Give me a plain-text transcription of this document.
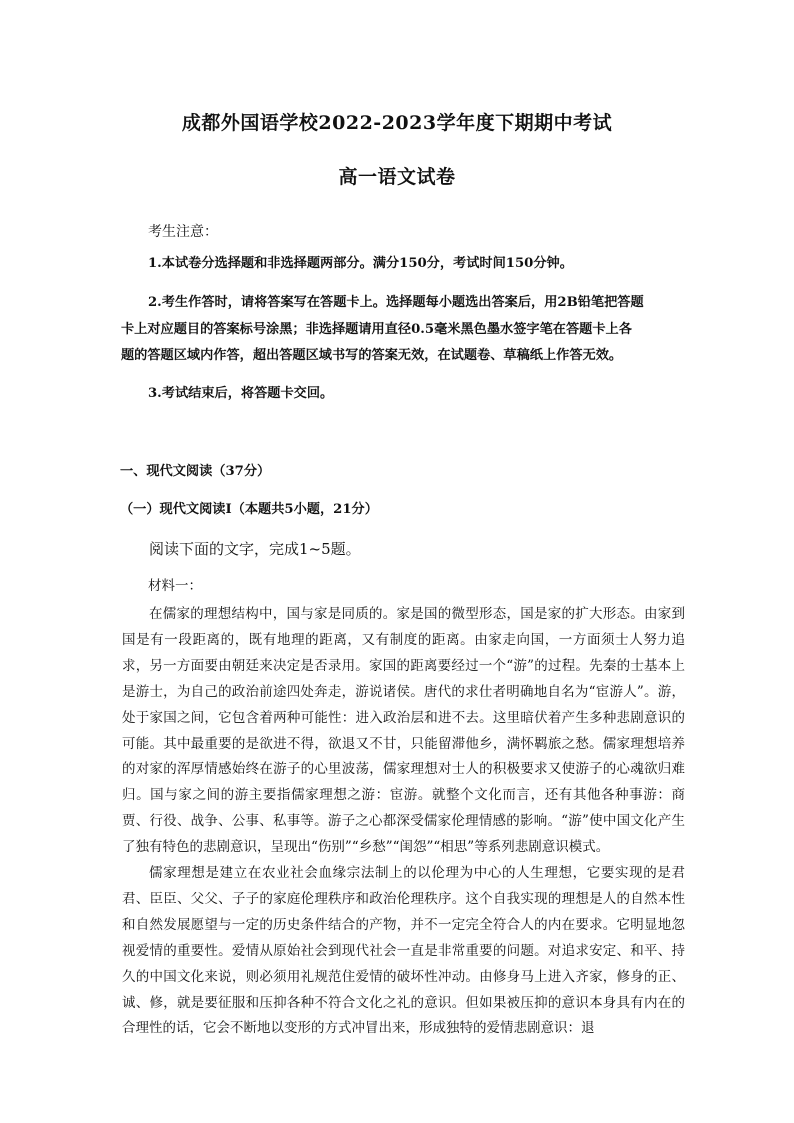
成都外国语学校2022-2023学年度下期期中考试
高一语文试卷
考生注意：
1.本试卷分选择题和非选择题两部分。满分150分，考试时间150分钟。
2.考生作答时，请将答案写在答题卡上。选择题每小题选出答案后，用2B铅笔把答题
卡上对应题目的答案标号涂黑；非选择题请用直径0.5毫米黑色墨水签字笔在答题卡上各
题的答题区域内作答，超出答题区域书写的答案无效，在试题卷、草稿纸上作答无效。
3.考试结束后，将答题卡交回。
一、现代文阅读（37分）
（一）现代文阅读Ⅰ（本题共5小题，21分）
阅读下面的文字，完成1~5题。
材料一：

在儒家的理想结构中，国与家是同质的。家是国的微型形态，国是家的扩大形态。由家到国是有一段距离的，既有地理的距离，又有制度的距离。由家走向国，一方面须士人努力追求，另一方面要由朝廷来决定是否录用。家国的距离要经过一个“游”的过程。先秦的士基本上是游士，为自己的政治前途四处奔走，游说诸侯。唐代的求仕者明确地自名为“宦游人”。游，处于家国之间，它包含着两种可能性：进入政治层和进不去。这里暗伏着产生多种悲剧意识的可能。其中最重要的是欲进不得，欲退又不甘，只能留滞他乡，满怀羁旅之愁。儒家理想培养的对家的浑厚情感始终在游子的心里波荡，儒家理想对士人的积极要求又使游子的心魂欲归难归。国与家之间的游主要指儒家理想之游：宦游。就整个文化而言，还有其他各种事游：商贾、行役、战争、公事、私事等。游子之心都深受儒家伦理情感的影响。“游”使中国文化产生了独有特色的悲剧意识，呈现出“伤别”“乡愁”“闺怨”“相思”等系列悲剧意识模式。

儒家理想是建立在农业社会血缘宗法制上的以伦理为中心的人生理想，它要实现的是君君、臣臣、父父、子子的家庭伦理秩序和政治伦理秩序。这个自我实现的理想是人的自然本性和自然发展愿望与一定的历史条件结合的产物，并不一定完全符合人的内在要求。它明显地忽视爱情的重要性。爱情从原始社会到现代社会一直是非常重要的问题。对追求安定、和平、持久的中国文化来说，则必须用礼规范住爱情的破坏性冲动。由修身马上进入齐家，修身的正、诚、修，就是要征服和压抑各种不符合文化之礼的意识。但如果被压抑的意识本身具有内在的合理性的话，它会不断地以变形的方式冲冒出来，形成独特的爱情悲剧意识：退
